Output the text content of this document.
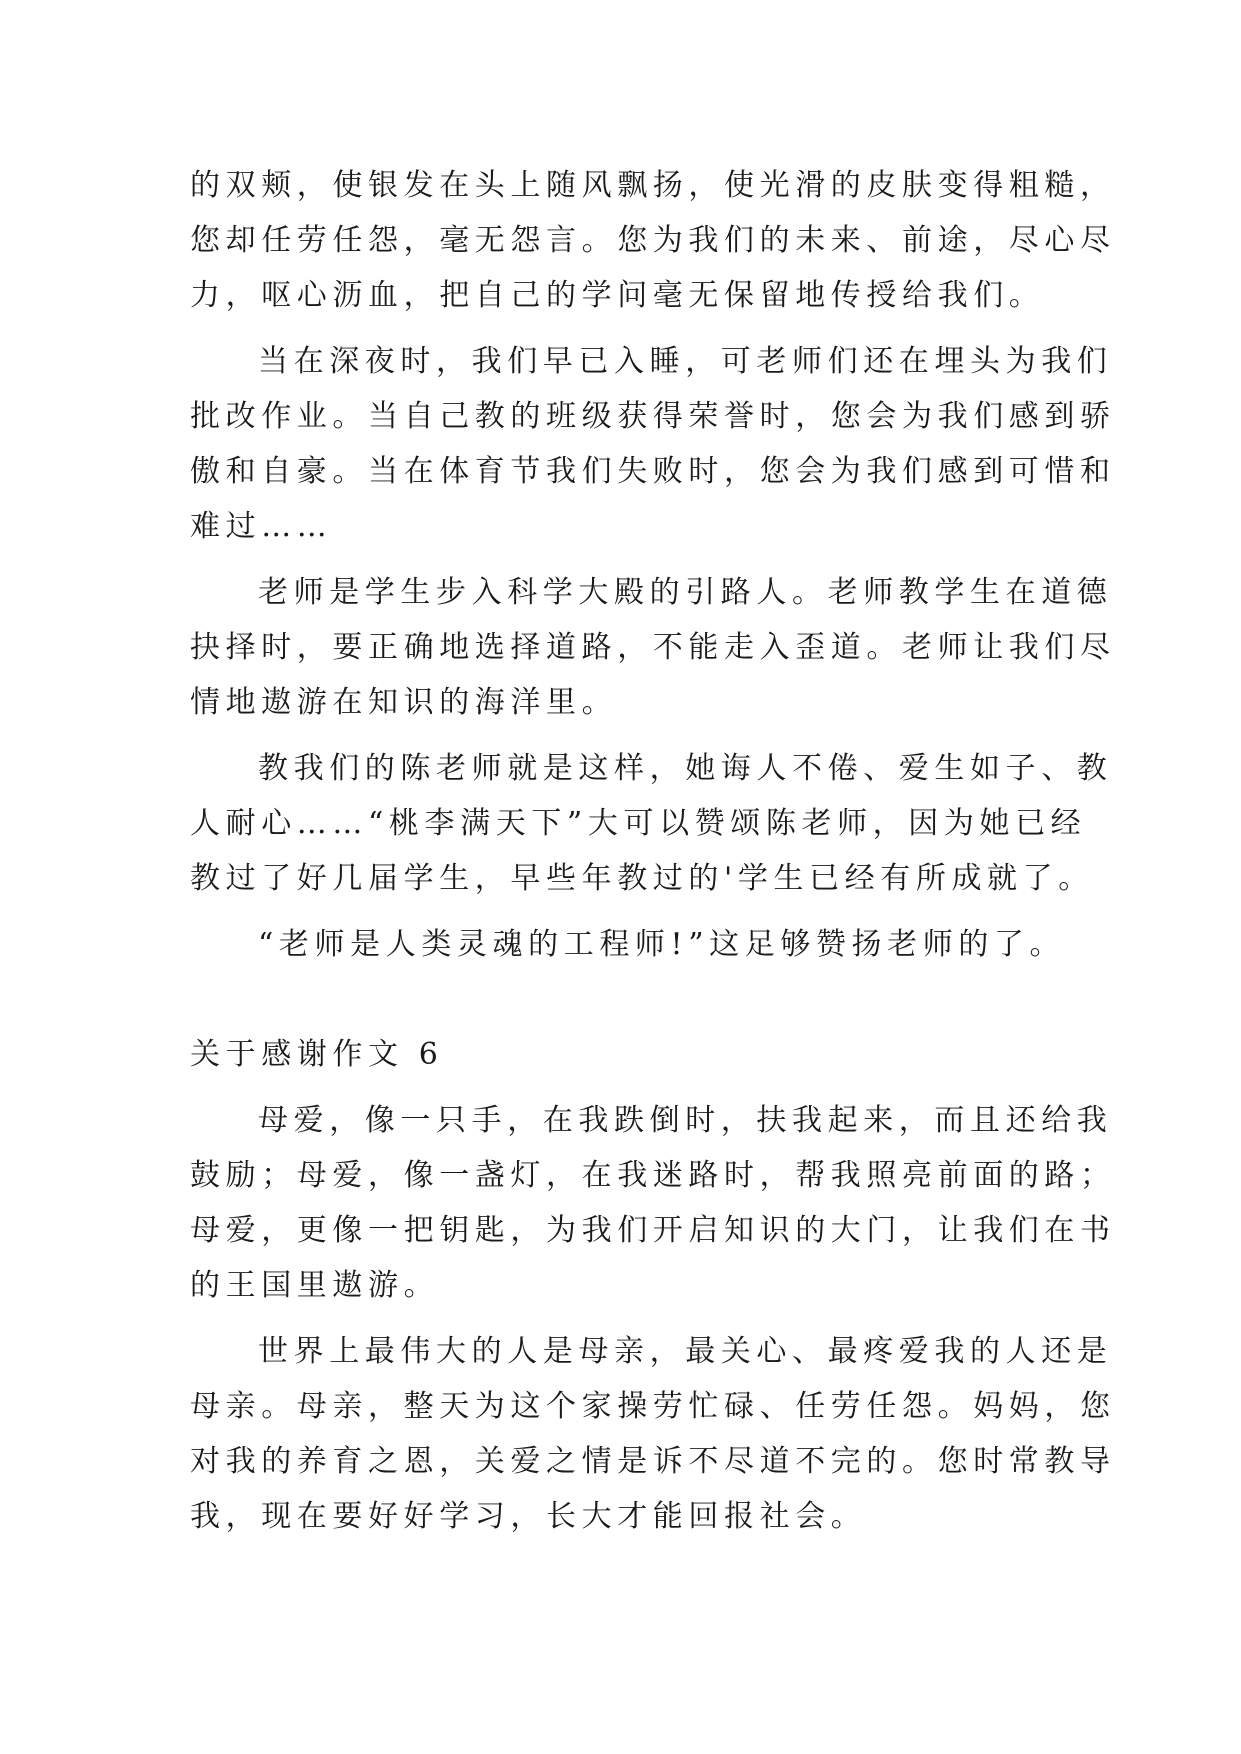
的双颊，使银发在头上随风飘扬，使光滑的皮肤变得粗糙，
您却任劳任怨，毫无怨言。您为我们的未来、前途，尽心尽
力，呕心沥血，把自己的学问毫无保留地传授给我们。
当在深夜时，我们早已入睡，可老师们还在埋头为我们
批改作业。当自己教的班级获得荣誉时，您会为我们感到骄
傲和自豪。当在体育节我们失败时，您会为我们感到可惜和
难过……
老师是学生步入科学大殿的引路人。老师教学生在道德
抉择时，要正确地选择道路，不能走入歪道。老师让我们尽
情地遨游在知识的海洋里。
教我们的陈老师就是这样，她诲人不倦、爱生如子、教
人耐心……“桃李满天下”大可以赞颂陈老师，因为她已经
教过了好几届学生，早些年教过的'学生已经有所成就了。
“老师是人类灵魂的工程师!”这足够赞扬老师的了。
关于感谢作文 6
母爱，像一只手，在我跌倒时，扶我起来，而且还给我
鼓励；母爱，像一盏灯，在我迷路时，帮我照亮前面的路；
母爱，更像一把钥匙，为我们开启知识的大门，让我们在书
的王国里遨游。
世界上最伟大的人是母亲，最关心、最疼爱我的人还是
母亲。母亲，整天为这个家操劳忙碌、任劳任怨。妈妈，您
对我的养育之恩，关爱之情是诉不尽道不完的。您时常教导
我，现在要好好学习，长大才能回报社会。
